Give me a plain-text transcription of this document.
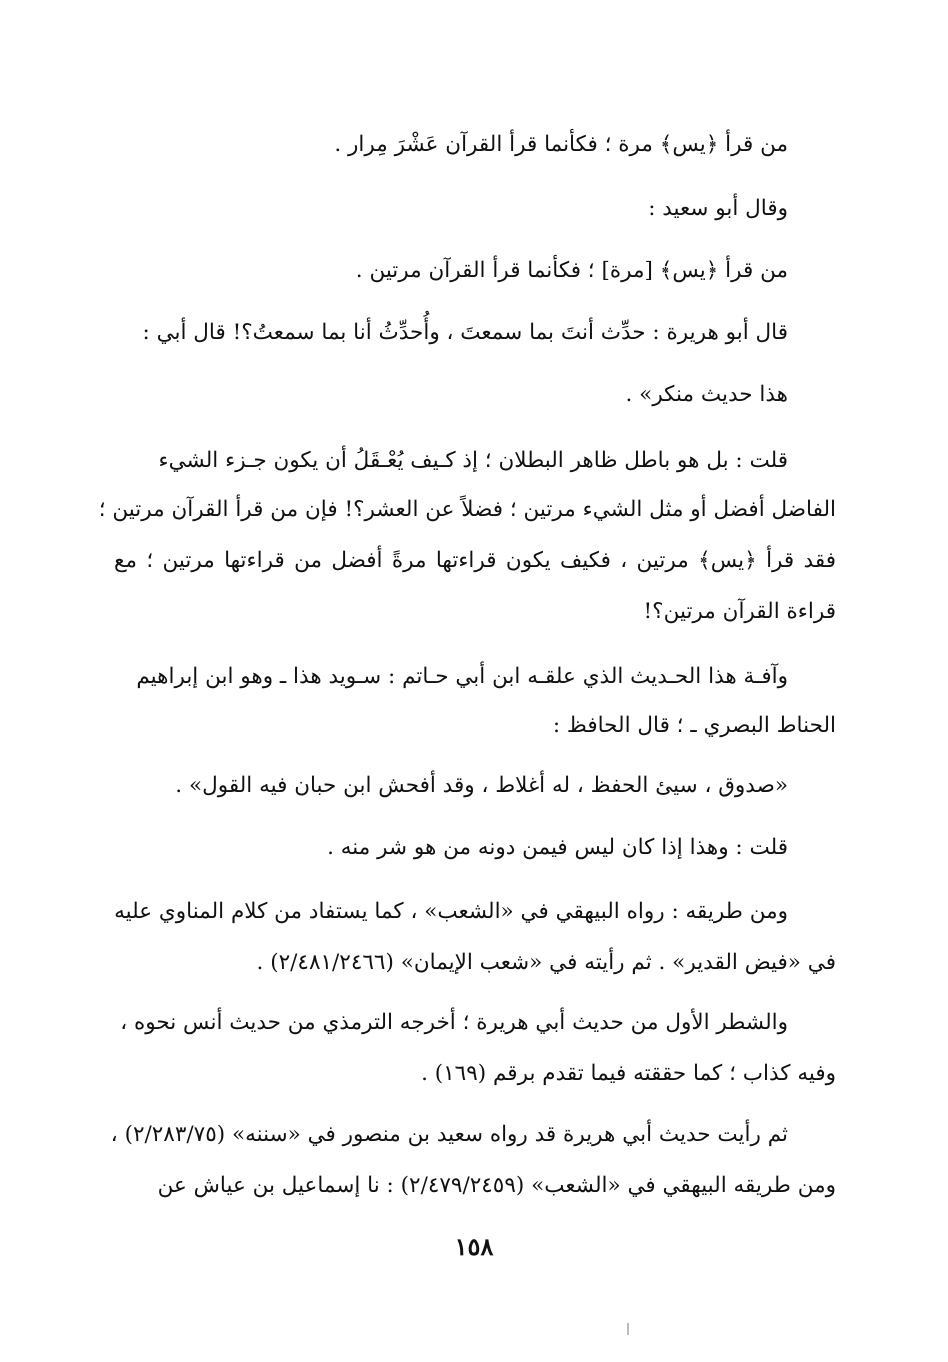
من قرأ ﴿يس﴾ مرة ؛ فكأنما قرأ القرآن عَشْرَ مِرار .
وقال أبو سعيد :
من قرأ ﴿يس﴾ [مرة] ؛ فكأنما قرأ القرآن مرتين .
قال أبو هريرة : حدِّث أنتَ بما سمعتَ ، وأُحدِّثُ أنا بما سمعتُ؟! قال أبي :
هذا حديث منكر» .
قلت : بل هو باطل ظاهر البطلان ؛ إذ كـيف يُعْـقَلُ أن يكون جـزء الشيء
الفاضل أفضل أو مثل الشيء مرتين ؛ فضلاً عن العشر؟! فإن من قرأ القرآن مرتين ؛
فقد قرأ ﴿يس﴾ مرتين ، فكيف يكون قراءتها مرةً أفضل من قراءتها مرتين ؛ مع
قراءة القرآن مرتين؟!
وآفـة هذا الحـديث الذي علقـه ابن أبي حـاتم : سـويد هذا ـ وهو ابن إبراهيم
الحناط البصري ـ ؛ قال الحافظ :
«صدوق ، سيئ الحفظ ، له أغلاط ، وقد أفحش ابن حبان فيه القول» .
قلت : وهذا إذا كان ليس فيمن دونه من هو شر منه .
ومن طريقه : رواه البيهقي في «الشعب» ، كما يستفاد من كلام المناوي عليه
في «فيض القدير» . ثم رأيته في «شعب الإيمان» (٢/٤٨١/٢٤٦٦) .
والشطر الأول من حديث أبي هريرة ؛ أخرجه الترمذي من حديث أنس نحوه ،
وفيه كذاب ؛ كما حققته فيما تقدم برقم (١٦٩) .
ثم رأيت حديث أبي هريرة قد رواه سعيد بن منصور في «سننه» (٢/٢٨٣/٧٥) ،
ومن طريقه البيهقي في «الشعب» (٢/٤٧٩/٢٤٥٩) : نا إسماعيل بن عياش عن
١٥٨
